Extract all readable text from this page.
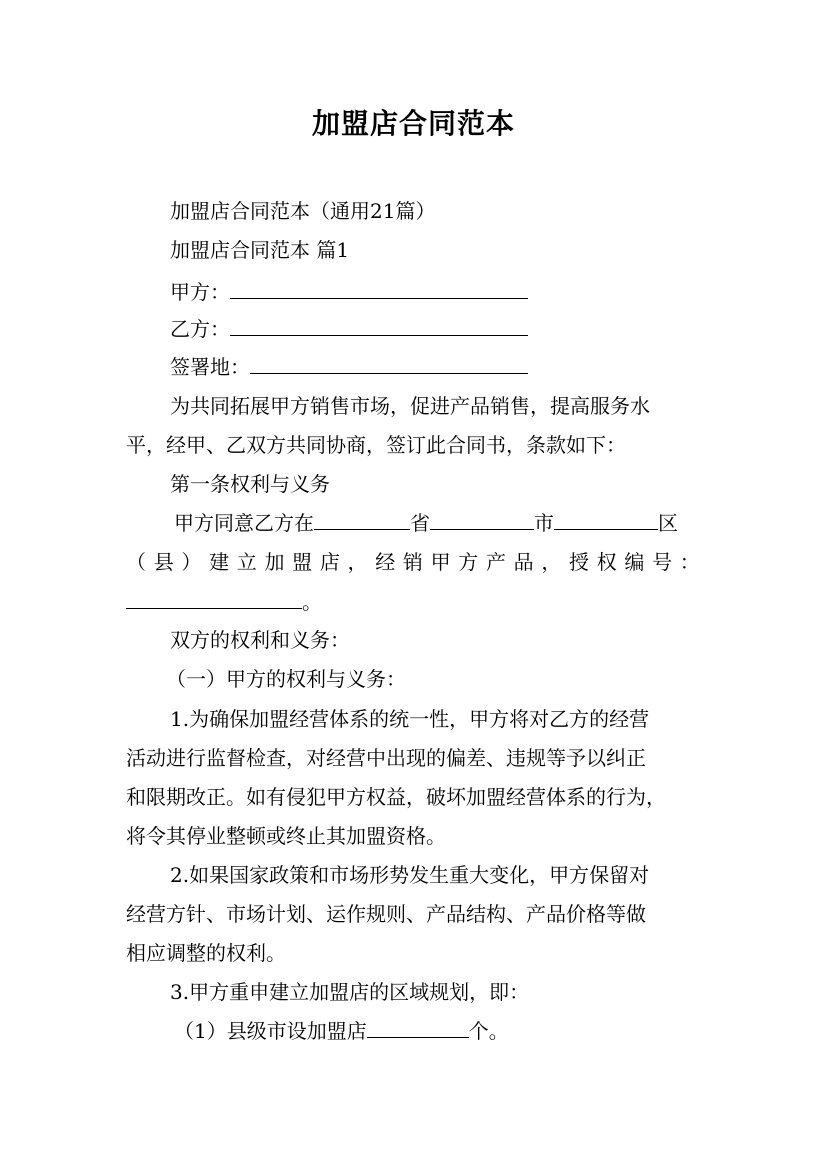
加盟店合同范本
加盟店合同范本（通用21篇）
加盟店合同范本 篇1
甲方：
乙方：
签署地：
为共同拓展甲方销售市场，促进产品销售，提高服务水
平，经甲、乙双方共同协商，签订此合同书，条款如下：
第一条权利与义务
甲方同意乙方在	省	市	区
（ 县 ） 建 立 加 盟 店 ， 经 销 甲 方 产 品 ， 授 权 编 号 ：
。
双方的权利和义务：
（一）甲方的权利与义务：
1.为确保加盟经营体系的统一性，甲方将对乙方的经营
活动进行监督检查，对经营中出现的偏差、违规等予以纠正
和限期改正。如有侵犯甲方权益，破坏加盟经营体系的行为，
将令其停业整顿或终止其加盟资格。
2.如果国家政策和市场形势发生重大变化，甲方保留对
经营方针、市场计划、运作规则、产品结构、产品价格等做
相应调整的权利。
3.甲方重申建立加盟店的区域规划，即：
（1）县级市设加盟店	个。
